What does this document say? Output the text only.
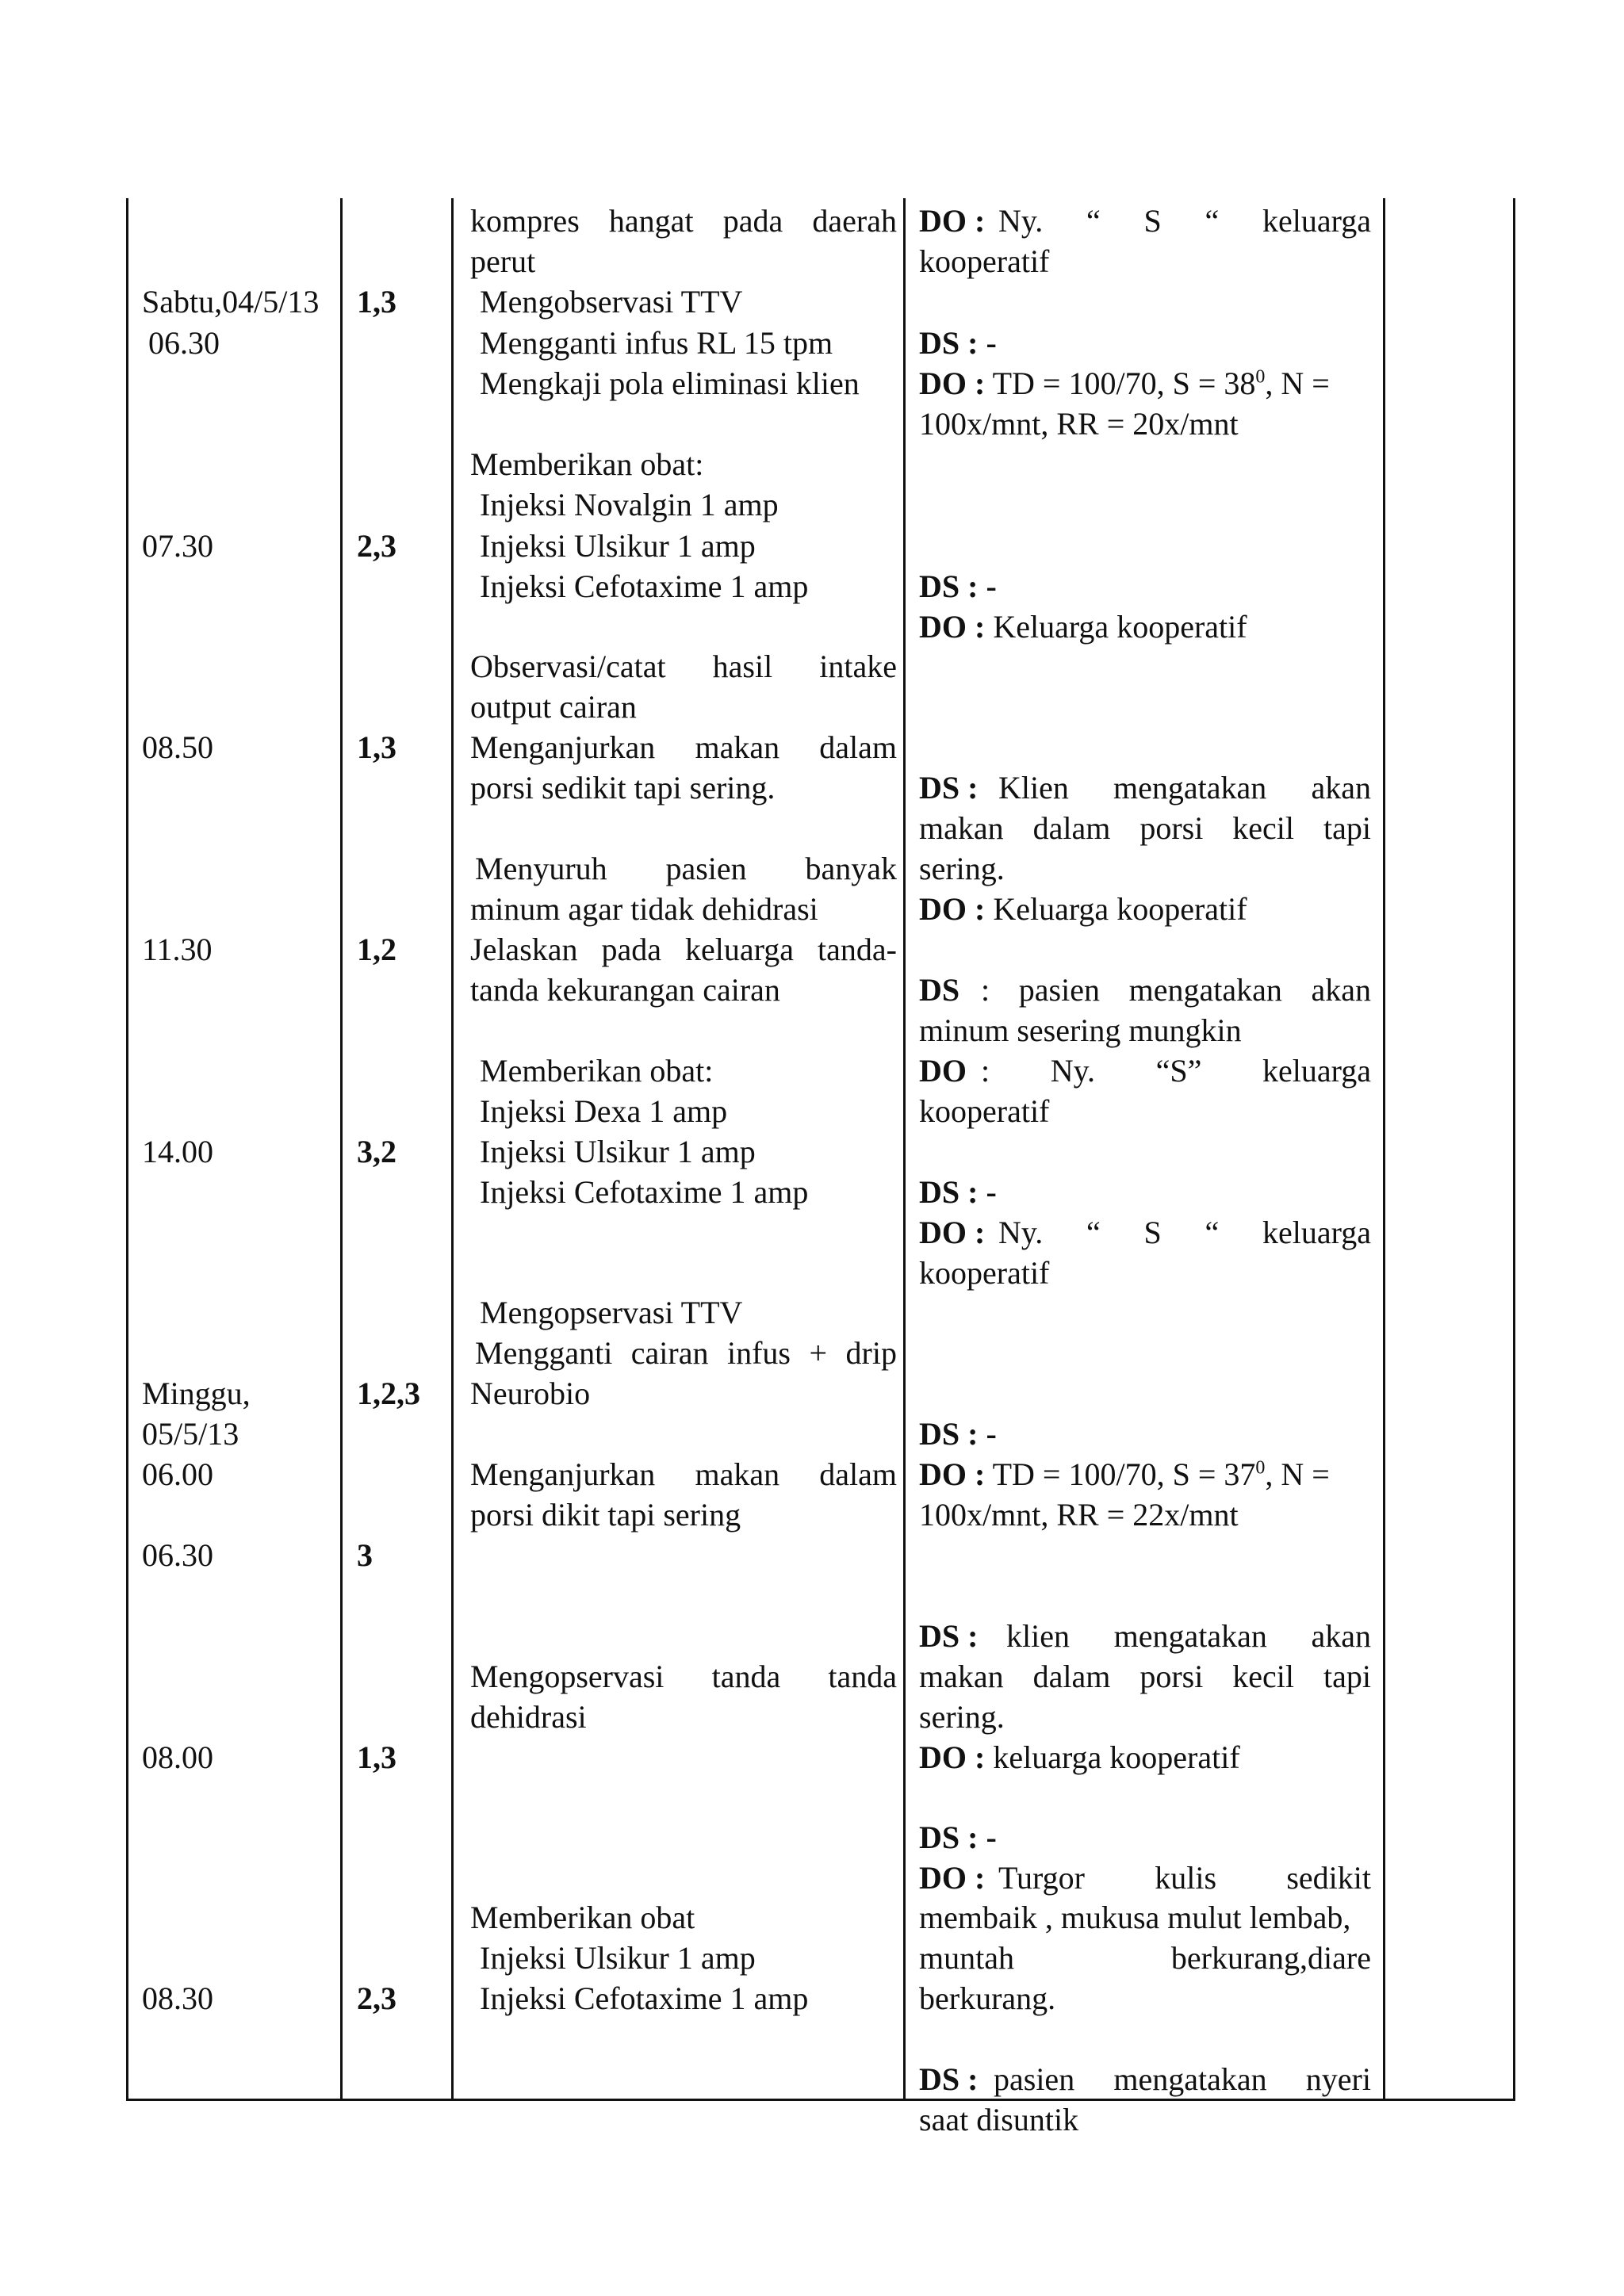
Sabtu,04/5/13
06.30
07.30
08.50
11.30
14.00
Minggu,
05/5/13
06.00
06.30
08.00
08.30
1,3
2,3
1,3
1,2
3,2
1,2,3
3
1,3
2,3
kompres hangat pada daerah
perut
Mengobservasi TTV
Mengganti infus RL 15 tpm
Mengkaji pola eliminasi klien
Memberikan obat:
Injeksi Novalgin 1 amp
Injeksi Ulsikur 1 amp
Injeksi Cefotaxime 1 amp
Observasi/catat hasil intake
output cairan
Menganjurkan makan dalam
porsi sedikit tapi sering.
Menyuruh pasien banyak
minum agar tidak dehidrasi
Jelaskan pada keluarga tanda-
tanda kekurangan cairan
Memberikan obat:
Injeksi Dexa 1 amp
Injeksi Ulsikur 1 amp
Injeksi Cefotaxime 1 amp
Mengopservasi TTV
Mengganti cairan infus + drip
Neurobio
Menganjurkan makan dalam
porsi dikit tapi sering
Mengopservasi tanda tanda
dehidrasi
Memberikan obat
Injeksi Ulsikur 1 amp
Injeksi Cefotaxime 1 amp
DO : Ny. “ S “ keluarga
kooperatif
DS : -
DO : TD = 100/70, $S = 38^0$, N =
100x/mnt, RR = 20x/mnt
DS : -
DO : Keluarga kooperatif
DS : Klien mengatakan akan
makan dalam porsi kecil tapi
sering.
DO : Keluarga kooperatif
DS : pasien mengatakan akan
minum sesering mungkin
DO : Ny. “S” keluarga
kooperatif
DS : -
DO : Ny. “ S “ keluarga
kooperatif
DS : -
DO : TD = 100/70, $S = 37^0$, N =
100x/mnt, RR = 22x/mnt
DS : klien mengatakan akan
makan dalam porsi kecil tapi
sering.
DO : keluarga kooperatif
DS : -
DO : Turgor kulis sedikit
membaik , mukusa mulut lembab,
muntah berkurang,diare
berkurang.
DS : pasien mengatakan nyeri
saat disuntik
